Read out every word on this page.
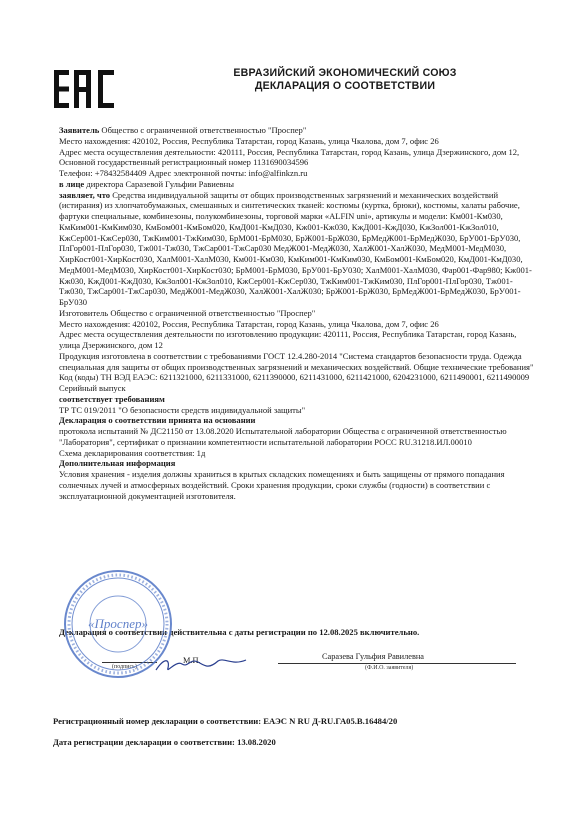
ЕВРАЗИЙСКИЙ ЭКОНОМИЧЕСКИЙ СОЮЗ
ДЕКЛАРАЦИЯ О СООТВЕТСТВИИ

Заявитель Общество с ограниченной ответственностью "Проспер"

Место нахождения: 420102, Россия, Республика Татарстан, город Казань, улица Чкалова, дом 7, офис 26

Адрес места осуществления деятельности: 420111, Россия, Республика Татарстан, город Казань, улица Дзержинского, дом 12, Основной государственный регистрационный номер 1131690034596

Телефон: +78432584409 Адрес электронной почты: info@alfinkzn.ru

в лице директора Саразевой Гульфии Равиевны

заявляет, что Средства индивидуальной защиты от общих производственных загрязнений и механических воздействий (истирания) из хлопчатобумажных, смешанных и синтетических тканей: костюмы (куртка, брюки), костюмы, халаты рабочие, фартуки специальные, комбинезоны, полукомбинезоны, торговой марки «ALFIN uni», артикулы и модели: Км001-Км030, КмКим001-КмКим030, КмБом001-КмБом020, КмД001-КмД030, Кж001-Кж030, КжД001-КжД030, КжЗол001-КжЗол010, КжСер001-КжСер030, ТжКим001-ТжКим030, БрМ001-БрМ030, БрЖ001-БрЖ030, БрМедЖ001-БрМедЖ030, БрУ001-БрУ030, ПлГор001-ПлГор030, Тж001-Тж030, ТжСар001-ТжСар030 МедЖ001-МедЖ030, ХалЖ001-ХалЖ030, МедМ001-МедМ030, ХирКост001-ХирКост030, ХалМ001-ХалМ030, Км001-Км030, КмКим001-КмКим030, КмБом001-КмБом020, КмД001-КмД030, МедМ001-МедМ030, ХирКост001-ХирКост030; БрМ001-БрМ030, БрУ001-БрУ030; ХалМ001-ХалМ030, Фар001-Фар980; Кж001-Кж030, КжД001-КжД030, КжЗол001-КжЗол010, КжСер001-КжСер030, ТжКим001-ТжКим030, ПлГор001-ПлГор030, Тж001-Тж030, ТжСар001-ТжСар030, МедЖ001-МедЖ030, ХалЖ001-ХалЖ030; БрЖ001-БрЖ030, БрМедЖ001-БрМедЖ030, БрУ001-БрУ030

Изготовитель Общество с ограниченной ответственностью "Проспер"

Место нахождения: 420102, Россия, Республика Татарстан, город Казань, улица Чкалова, дом 7, офис 26

Адрес места осуществления деятельности по изготовлению продукции: 420111, Россия, Республика Татарстан, город Казань, улица Дзержинского, дом 12

Продукция изготовлена в соответствии с требованиями ГОСТ 12.4.280-2014 "Система стандартов безопасности труда. Одежда специальная для защиты от общих производственных загрязнений и механических воздействий. Общие технические требования"

Код (коды) ТН ВЭД ЕАЭС: 6211321000, 6211331000, 6211390000, 6211431000, 6211421000, 6204231000, 6211490001, 6211490009

Серийный выпуск

соответствует требованиям

ТР ТС 019/2011 "О безопасности средств индивидуальной защиты"

Декларация о соответствии принята на основании

протокола испытаний № ДС21150 от 13.08.2020 Испытательной лаборатории Общества с ограниченной ответственностью "Лаборатория", сертификат о признании компетентности испытательной лаборатории РОСС RU.31218.ИЛ.00010

Схема декларирования соответствия: 1д

Дополнительная информация

Условия хранения - изделия должны храниться в крытых складских помещениях и быть защищены от прямого попадания солнечных лучей и атмосферных воздействий. Сроки хранения продукции, сроки службы (годности) в соответствии с эксплуатационной документацией изготовителя.

Декларация о соответствии действительна с даты регистрации по 12.08.2025 включительно.
(подпись)
М.П.	Саразева Гульфия Равилевна
(Ф.И.О. заявителя)
«Проспер»
Регистрационный номер декларации о соответствии: ЕАЭС N RU Д-RU.ГА05.В.16484/20
Дата регистрации декларации о соответствии: 13.08.2020
